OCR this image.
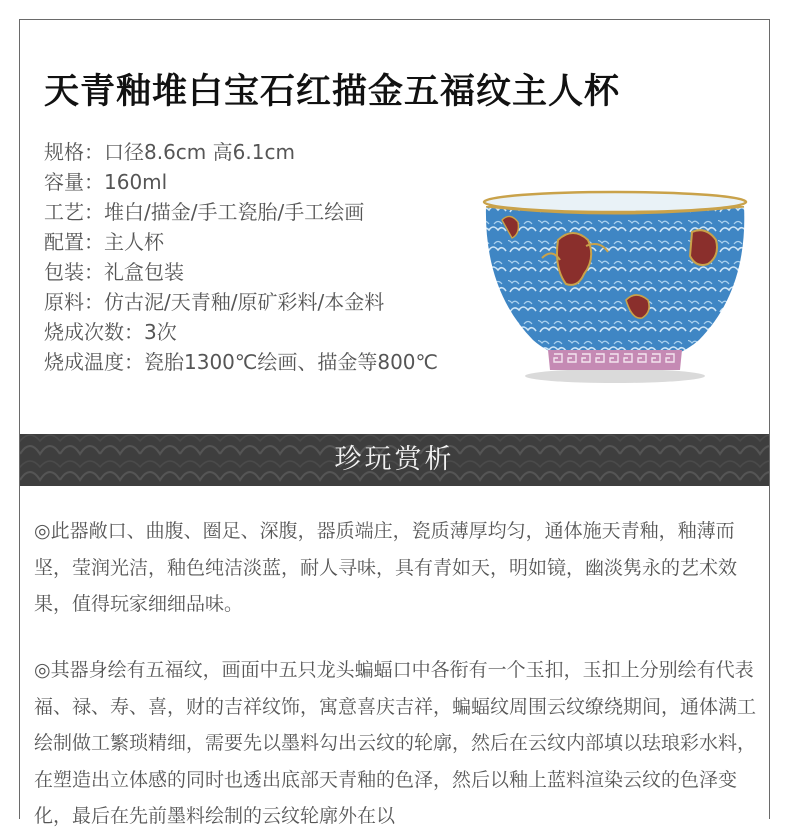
天青釉堆白宝石红描金五福纹主人杯
规格：口径8.6cm 高6.1cm
容量：160ml
工艺：堆白/描金/手工瓷胎/手工绘画
配置：主人杯
包装：礼盒包装
原料：仿古泥/天青釉/原矿彩料/本金料
烧成次数：3次
烧成温度：瓷胎1300℃绘画、描金等800℃
珍玩赏析

◎此器敞口、曲腹、圈足、深腹，器质端庄，瓷质薄厚均匀，通体施天青釉，釉薄而坚，莹润光洁，釉色纯洁淡蓝，耐人寻味，具有青如天，明如镜，幽淡隽永的艺术效果，值得玩家细细品味。

◎其器身绘有五福纹，画面中五只龙头蝙蝠口中各衔有一个玉扣，玉扣上分别绘有代表福、禄、寿、喜，财的吉祥纹饰，寓意喜庆吉祥，蝙蝠纹周围云纹缭绕期间，通体满工绘制做工繁琐精细，需要先以墨料勾出云纹的轮廓，然后在云纹内部填以珐琅彩水料，在塑造出立体感的同时也透出底部天青釉的色泽，然后以釉上蓝料渲染云纹的色泽变化，最后在先前墨料绘制的云纹轮廓外在以
